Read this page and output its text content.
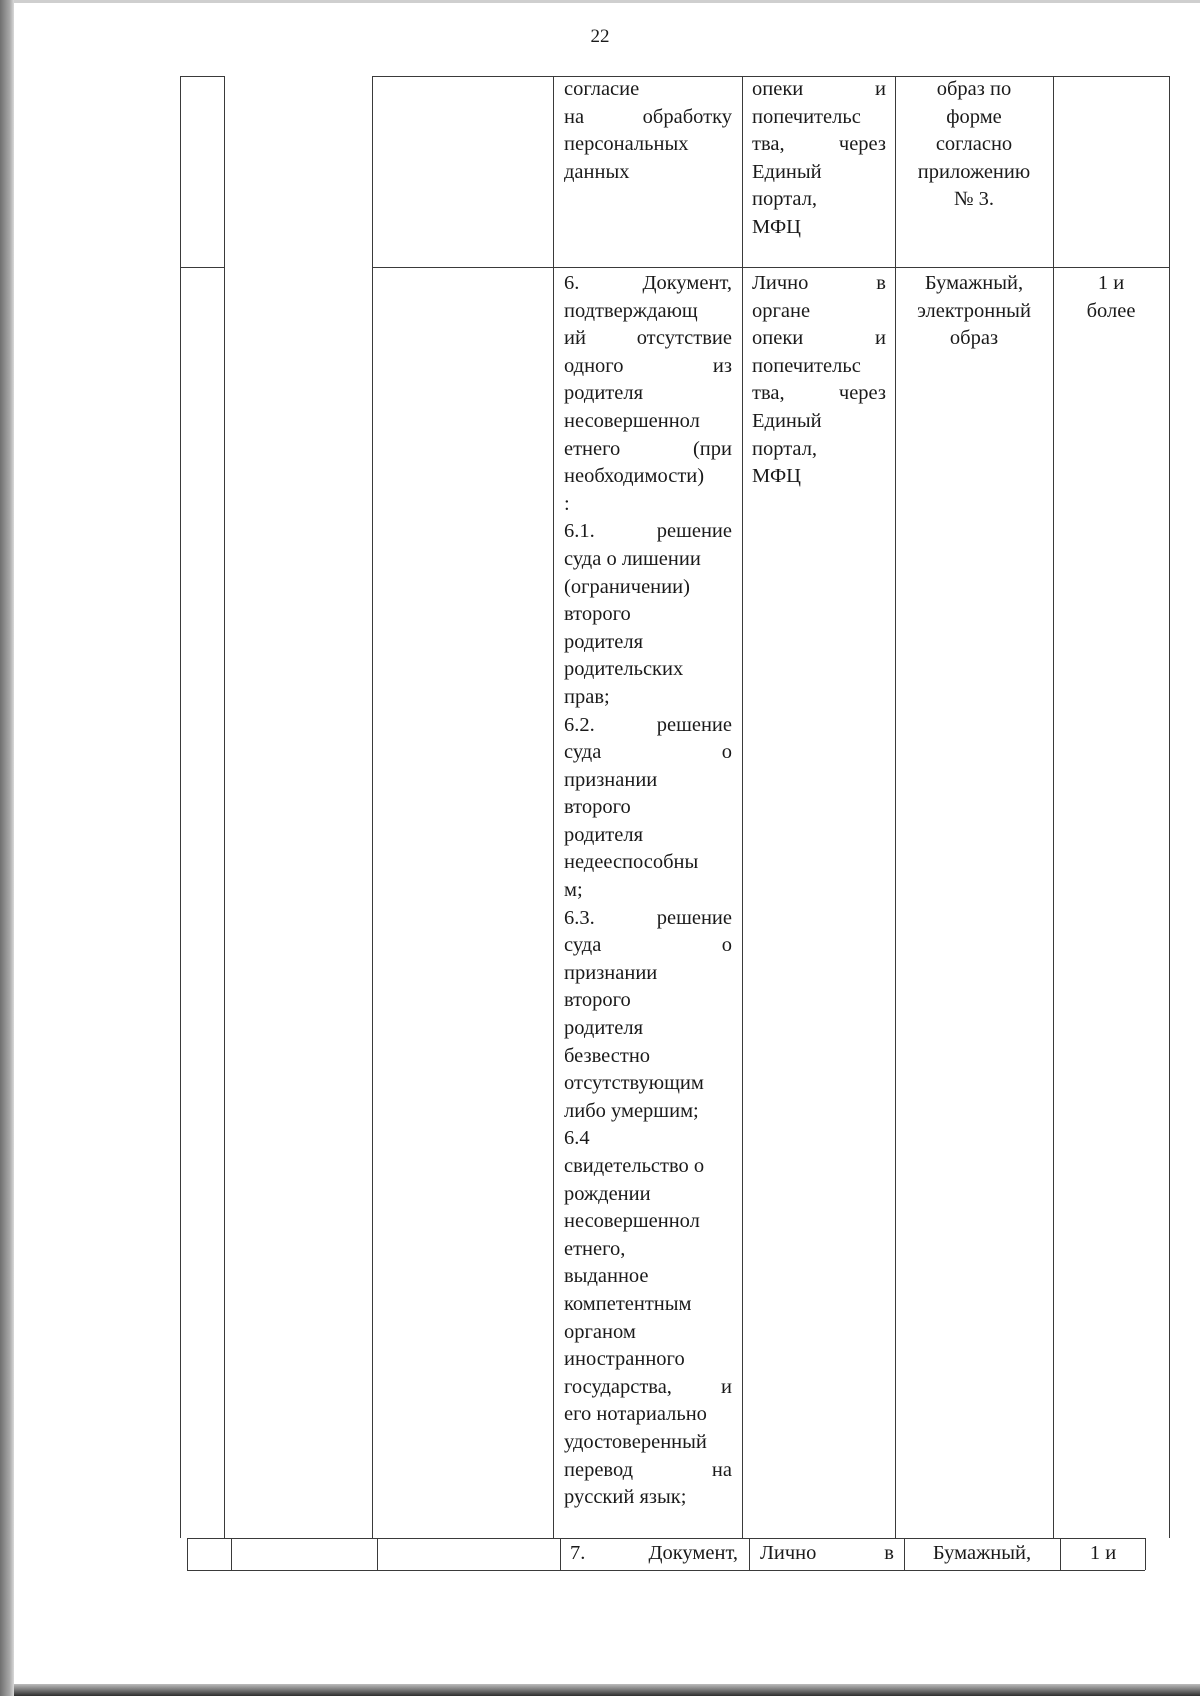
22
согласие
на обработку
персональных
данных
опеки и
попечительс
тва, через
Единый
портал,
МФЦ
образ по
форме
согласно
приложению
№ 3.
6. Документ,
подтверждающ
ий отсутствие
одного из
родителя
несовершеннол
етнего (при
необходимости)
:
6.1. решение
суда о лишении
(ограничении)
второго
родителя
родительских
прав;
6.2. решение
суда о
признании
второго
родителя
недееспособны
м;
6.3. решение
суда о
признании
второго
родителя
безвестно
отсутствующим
либо умершим;
6.4
свидетельство о
рождении
несовершеннол
етнего,
выданное
компетентным
органом
иностранного
государства, и
его нотариально
удостоверенный
перевод на
русский язык;
Лично в
органе
опеки и
попечительс
тва, через
Единый
портал,
МФЦ
Бумажный,
электронный
образ
1 и
более
7. Документ, Лично в	Бумажный,	1 и
